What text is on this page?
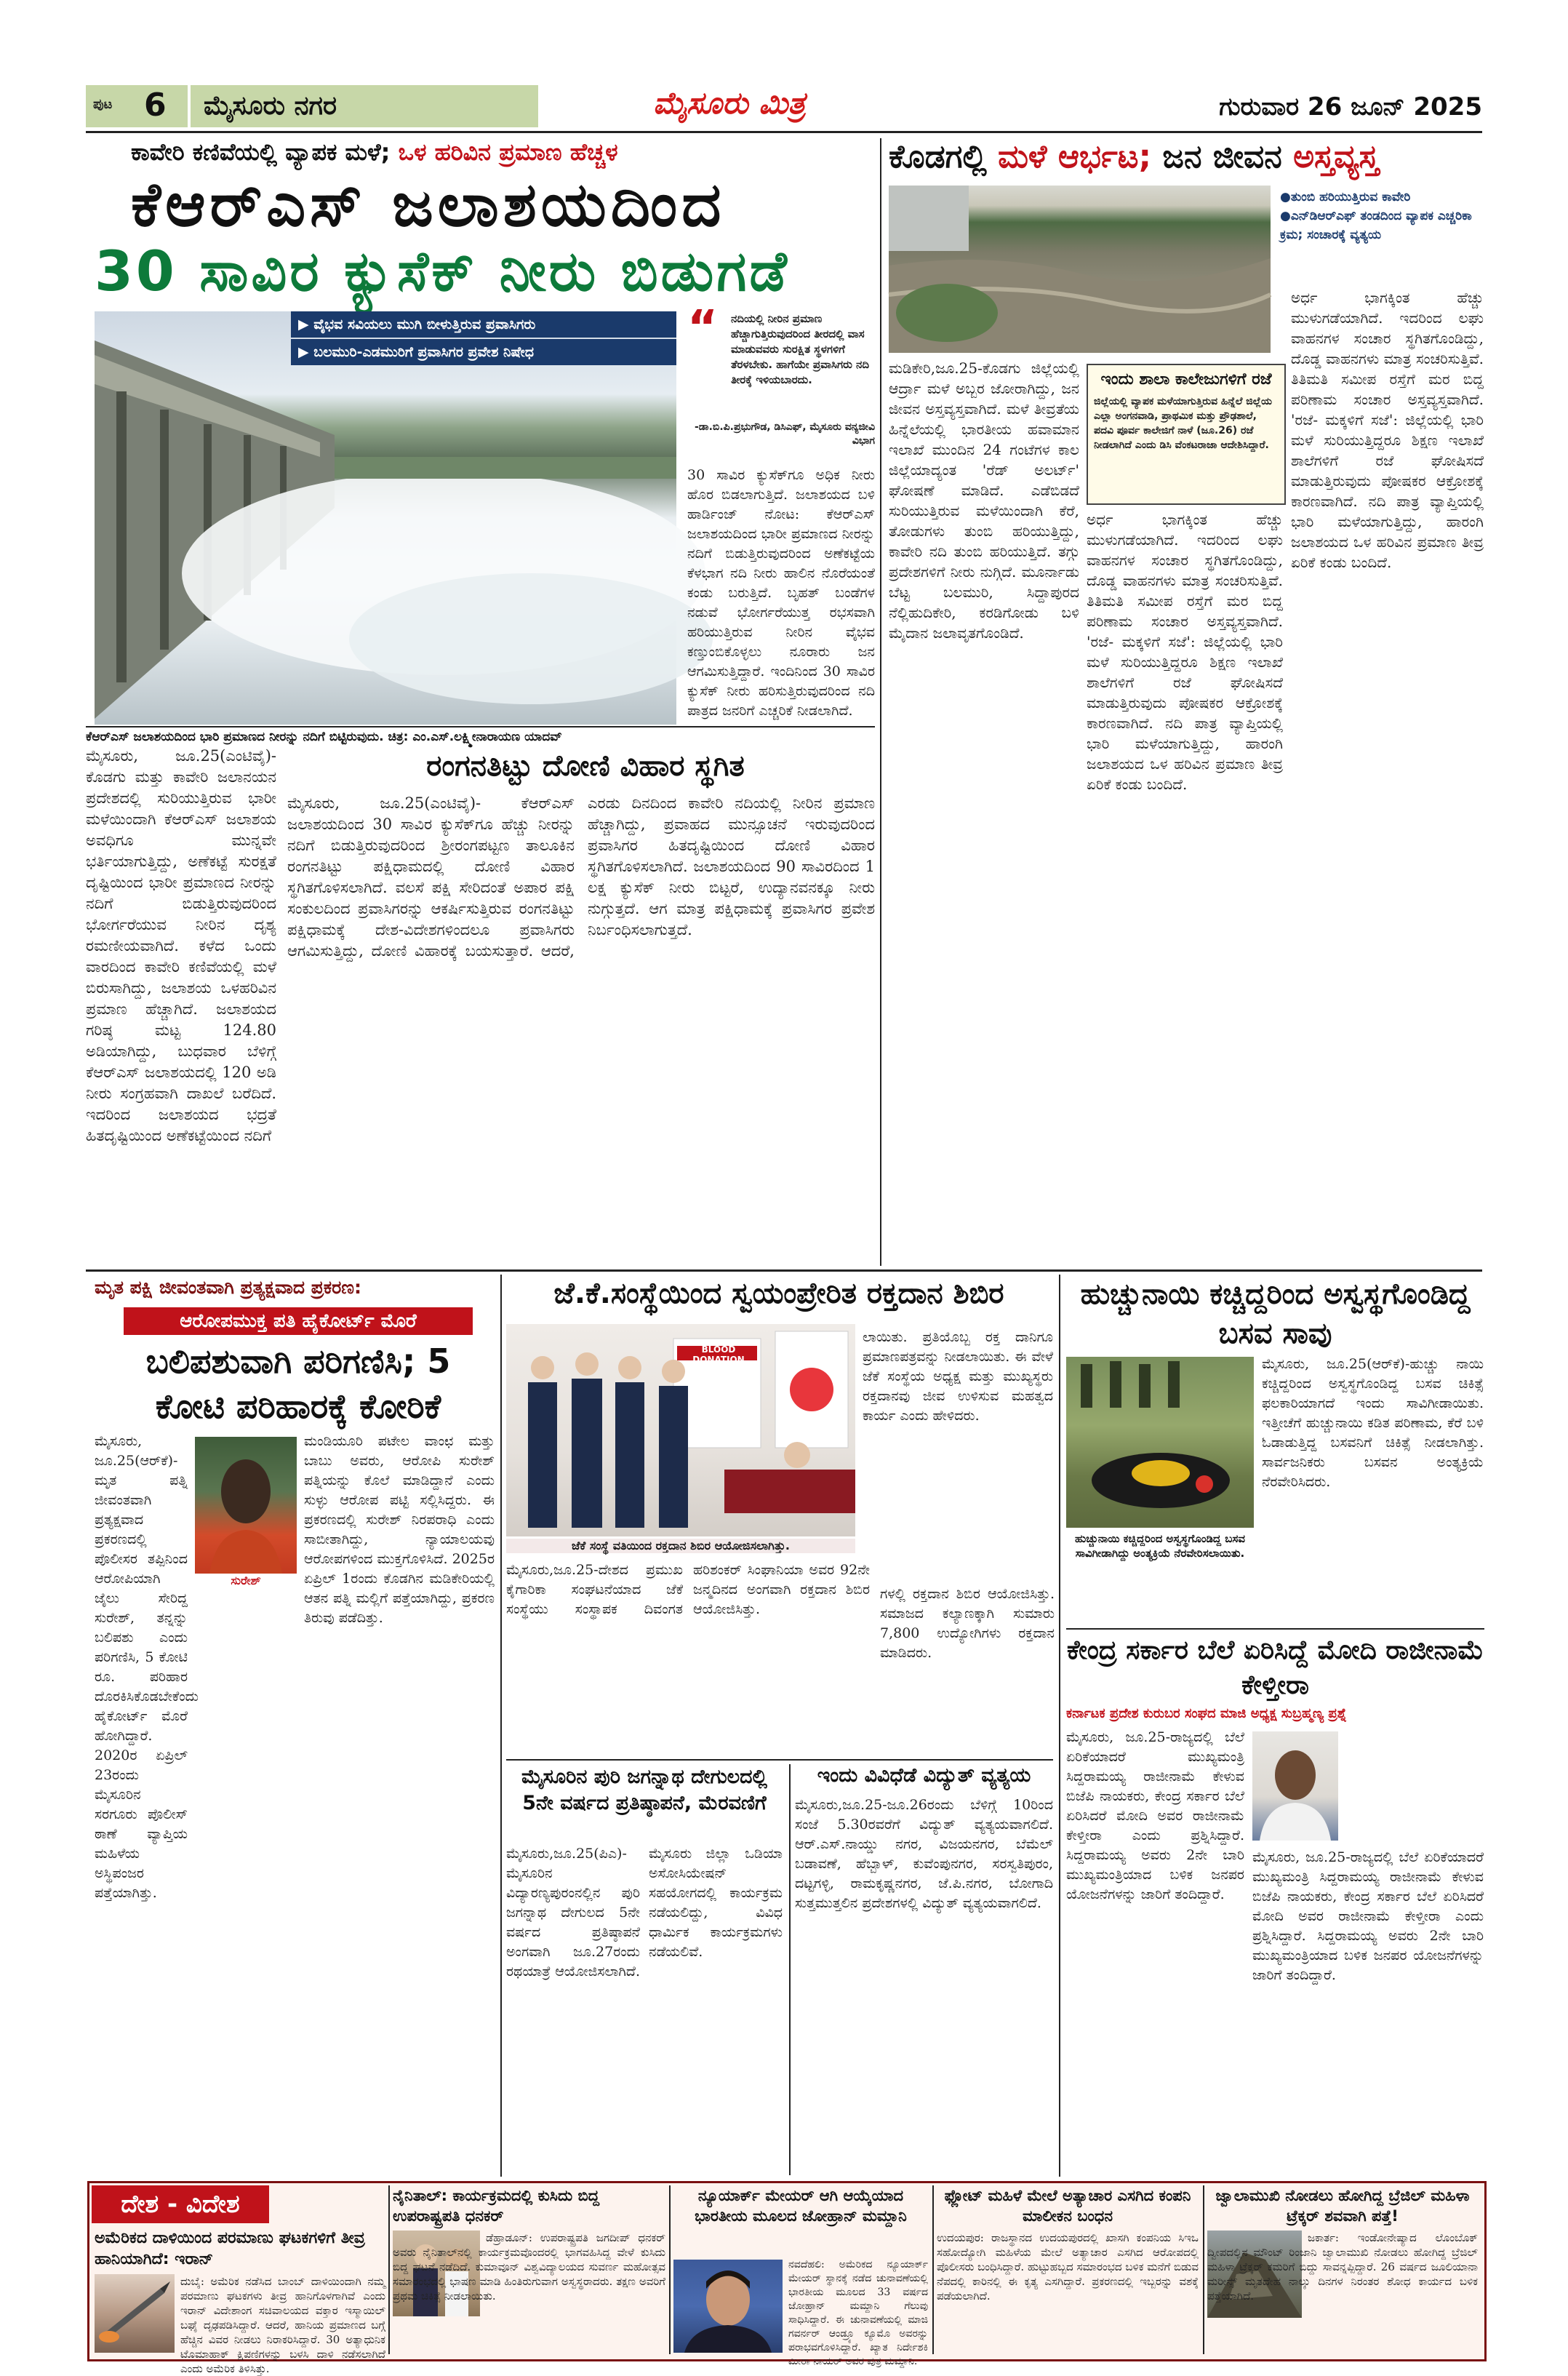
ಪುಟ 6 ಮೈಸೂರು ನಗರ	ಮೈಸೂರು ಮಿತ್ರ	ಗುರುವಾರ 26 ಜೂನ್ 2025
ಕಾವೇರಿ ಕಣಿವೆಯಲ್ಲಿ ವ್ಯಾಪಕ ಮಳೆ; ಒಳ ಹರಿವಿನ ಪ್ರಮಾಣ ಹೆಚ್ಚಳ
ಕೆಆರ್‌ಎಸ್ ಜಲಾಶಯದಿಂದ
30 ಸಾವಿರ ಕ್ಯುಸೆಕ್ ನೀರು ಬಿಡುಗಡೆ
▶ ವೈಭವ ಸವಿಯಲು ಮುಗಿ ಬೀಳುತ್ತಿರುವ ಪ್ರವಾಸಿಗರು
▶ ಬಲಮುರಿ-ಎಡಮುರಿಗೆ ಪ್ರವಾಸಿಗರ ಪ್ರವೇಶ ನಿಷೇಧ
ಕೆಆರ್‌ಎಸ್ ಜಲಾಶಯದಿಂದ ಭಾರಿ ಪ್ರಮಾಣದ ನೀರನ್ನು ನದಿಗೆ ಬಿಟ್ಟಿರುವುದು. ಚಿತ್ರ: ಎಂ.ಎಸ್.ಲಕ್ಷ್ಮೀನಾರಾಯಣ ಯಾದವ್
“ ನದಿಯಲ್ಲಿ ನೀರಿನ ಪ್ರಮಾಣ ಹೆಚ್ಚಾಗುತ್ತಿರುವುದರಿಂದ ತೀರದಲ್ಲಿ ವಾಸ ಮಾಡುವವರು ಸುರಕ್ಷಿತ ಸ್ಥಳಗಳಿಗೆ ತೆರಳಬೇಕು. ಹಾಗೆಯೇ ಪ್ರವಾಸಿಗರು ನದಿ ತೀರಕ್ಕೆ ಇಳಿಯಬಾರದು.
-ಡಾ.ಬಿ.ಪಿ.ಪ್ರಭುಗೌಡ, ಡಿಸಿಎಫ್, ಮೈಸೂರು ವನ್ಯಜೀವಿ ವಿಭಾಗ
30 ಸಾವಿರ ಕ್ಯುಸೆಕ್‌ಗೂ ಅಧಿಕ ನೀರು ಹೊರ ಬಿಡಲಾಗುತ್ತಿದೆ. ಜಲಾಶಯದ ಬಳಿ ಹಾರ್ಡಿಂಜ್ ನೋಟ: ಕೆಆರ್‌ಎಸ್ ಜಲಾಶಯದಿಂದ ಭಾರೀ ಪ್ರಮಾಣದ ನೀರನ್ನು ನದಿಗೆ ಬಿಡುತ್ತಿರುವುದರಿಂದ ಅಣೆಕಟ್ಟೆಯ ಕೆಳಭಾಗ ನದಿ ನೀರು ಹಾಲಿನ ನೊರೆಯಂತೆ ಕಂಡು ಬರುತ್ತಿದೆ. ಬೃಹತ್ ಬಂಡೆಗಳ ನಡುವೆ ಭೋರ್ಗರೆಯುತ್ತ ರಭಸವಾಗಿ ಹರಿಯುತ್ತಿರುವ ನೀರಿನ ವೈಭವ ಕಣ್ತುಂಬಿಕೊಳ್ಳಲು ನೂರಾರು ಜನ ಆಗಮಿಸುತ್ತಿದ್ದಾರೆ. ಇಂದಿನಿಂದ 30 ಸಾವಿರ ಕ್ಯುಸೆಕ್ ನೀರು ಹರಿಸುತ್ತಿರುವುದರಿಂದ ನದಿ ಪಾತ್ರದ ಜನರಿಗೆ ಎಚ್ಚರಿಕೆ ನೀಡಲಾಗಿದೆ.
ಮೈಸೂರು, ಜೂ.25(ಎಂಟಿವೈ)- ಕೊಡಗು ಮತ್ತು ಕಾವೇರಿ ಜಲಾನಯನ ಪ್ರದೇಶದಲ್ಲಿ ಸುರಿಯುತ್ತಿರುವ ಭಾರೀ ಮಳೆಯಿಂದಾಗಿ ಕೆಆರ್‌ಎಸ್ ಜಲಾಶಯ ಅವಧಿಗೂ ಮುನ್ನವೇ ಭರ್ತಿಯಾಗುತ್ತಿದ್ದು, ಅಣೆಕಟ್ಟೆ ಸುರಕ್ಷತೆ ದೃಷ್ಟಿಯಿಂದ ಭಾರೀ ಪ್ರಮಾಣದ ನೀರನ್ನು ನದಿಗೆ ಬಿಡುತ್ತಿರುವುದರಿಂದ ಭೋರ್ಗರೆಯುವ ನೀರಿನ ದೃಶ್ಯ ರಮಣೀಯವಾಗಿದೆ. ಕಳೆದ ಒಂದು ವಾರದಿಂದ ಕಾವೇರಿ ಕಣಿವೆಯಲ್ಲಿ ಮಳೆ ಬಿರುಸಾಗಿದ್ದು, ಜಲಾಶಯ ಒಳಹರಿವಿನ ಪ್ರಮಾಣ ಹೆಚ್ಚಾಗಿದೆ. ಜಲಾಶಯದ ಗರಿಷ್ಠ ಮಟ್ಟ 124.80 ಅಡಿಯಾಗಿದ್ದು, ಬುಧವಾರ ಬೆಳಿಗ್ಗೆ ಕೆಆರ್‌ಎಸ್ ಜಲಾಶಯದಲ್ಲಿ 120 ಅಡಿ ನೀರು ಸಂಗ್ರಹವಾಗಿ ದಾಖಲೆ ಬರೆದಿದೆ. ಇದರಿಂದ ಜಲಾಶಯದ ಭದ್ರತೆ ಹಿತದೃಷ್ಟಿಯಿಂದ ಅಣೆಕಟ್ಟೆಯಿಂದ ನದಿಗೆ
ರಂಗನತಿಟ್ಟು ದೋಣಿ ವಿಹಾರ ಸ್ಥಗಿತ
ಮೈಸೂರು, ಜೂ.25(ಎಂಟಿವೈ)- ಕೆಆರ್‌ಎಸ್ ಜಲಾಶಯದಿಂದ 30 ಸಾವಿರ ಕ್ಯುಸೆಕ್‌ಗೂ ಹೆಚ್ಚು ನೀರನ್ನು ನದಿಗೆ ಬಿಡುತ್ತಿರುವುದರಿಂದ ಶ್ರೀರಂಗಪಟ್ಟಣ ತಾಲೂಕಿನ ರಂಗನತಿಟ್ಟು ಪಕ್ಷಿಧಾಮದಲ್ಲಿ ದೋಣಿ ವಿಹಾರ ಸ್ಥಗಿತಗೊಳಿಸಲಾಗಿದೆ. ವಲಸೆ ಪಕ್ಷಿ ಸೇರಿದಂತೆ ಅಪಾರ ಪಕ್ಷಿ ಸಂಕುಲದಿಂದ ಪ್ರವಾಸಿಗರನ್ನು ಆಕರ್ಷಿಸುತ್ತಿರುವ ರಂಗನತಿಟ್ಟು ಪಕ್ಷಿಧಾಮಕ್ಕೆ ದೇಶ-ವಿದೇಶಗಳಿಂದಲೂ ಪ್ರವಾಸಿಗರು ಆಗಮಿಸುತ್ತಿದ್ದು, ದೋಣಿ ವಿಹಾರಕ್ಕೆ ಬಯಸುತ್ತಾರೆ. ಆದರೆ, ಎರಡು ದಿನದಿಂದ ಕಾವೇರಿ ನದಿಯಲ್ಲಿ ನೀರಿನ ಪ್ರಮಾಣ ಹೆಚ್ಚಾಗಿದ್ದು, ಪ್ರವಾಹದ ಮುನ್ಸೂಚನೆ ಇರುವುದರಿಂದ ಪ್ರವಾಸಿಗರ ಹಿತದೃಷ್ಟಿಯಿಂದ ದೋಣಿ ವಿಹಾರ ಸ್ಥಗಿತಗೊಳಿಸಲಾಗಿದೆ. ಜಲಾಶಯದಿಂದ 90 ಸಾವಿರದಿಂದ 1 ಲಕ್ಷ ಕ್ಯುಸೆಕ್ ನೀರು ಬಿಟ್ಟರೆ, ಉದ್ಯಾನವನಕ್ಕೂ ನೀರು ನುಗ್ಗುತ್ತದೆ. ಆಗ ಮಾತ್ರ ಪಕ್ಷಿಧಾಮಕ್ಕೆ ಪ್ರವಾಸಿಗರ ಪ್ರವೇಶ ನಿರ್ಬಂಧಿಸಲಾಗುತ್ತದೆ.
ಕೊಡಗಲ್ಲಿ ಮಳೆ ಆರ್ಭಟ; ಜನ ಜೀವನ ಅಸ್ತವ್ಯಸ್ತ
●ತುಂಬಿ ಹರಿಯುತ್ತಿರುವ ಕಾವೇರಿ ●ಎನ್‌ಡಿಆರ್‌ಎಫ್ ತಂಡದಿಂದ ವ್ಯಾಪಕ ಎಚ್ಚರಿಕಾ ಕ್ರಮ; ಸಂಚಾರಕ್ಕೆ ವ್ಯತ್ಯಯ
ಮಡಿಕೇರಿ,ಜೂ.25-ಕೊಡಗು ಜಿಲ್ಲೆಯಲ್ಲಿ ಆರ್ದ್ರಾ ಮಳೆ ಅಬ್ಬರ ಜೋರಾಗಿದ್ದು, ಜನ ಜೀವನ ಅಸ್ತವ್ಯಸ್ತವಾಗಿದೆ. ಮಳೆ ತೀವ್ರತೆಯ ಹಿನ್ನೆಲೆಯಲ್ಲಿ ಭಾರತೀಯ ಹವಾಮಾನ ಇಲಾಖೆ ಮುಂದಿನ 24 ಗಂಟೆಗಳ ಕಾಲ ಜಿಲ್ಲೆಯಾದ್ಯಂತ 'ರೆಡ್ ಅಲರ್ಟ್' ಘೋಷಣೆ ಮಾಡಿದೆ. ಎಡೆಬಿಡದೆ ಸುರಿಯುತ್ತಿರುವ ಮಳೆಯಿಂದಾಗಿ ಕೆರೆ, ತೋಡುಗಳು ತುಂಬಿ ಹರಿಯುತ್ತಿದ್ದು, ಕಾವೇರಿ ನದಿ ತುಂಬಿ ಹರಿಯುತ್ತಿದೆ. ತಗ್ಗು ಪ್ರದೇಶಗಳಿಗೆ ನೀರು ನುಗ್ಗಿದೆ. ಮೂರ್ನಾಡು ಬೆಟ್ಟ ಬಲಮುರಿ, ಸಿದ್ದಾಪುರದ ನೆಲ್ಲಿಹುದಿಕೇರಿ, ಕರಡಿಗೋಡು ಬಳಿ ಮೈದಾನ ಜಲಾವೃತಗೊಂಡಿದೆ.
ಇಂದು ಶಾಲಾ ಕಾಲೇಜುಗಳಿಗೆ ರಜೆ
ಜಿಲ್ಲೆಯಲ್ಲಿ ವ್ಯಾಪಕ ಮಳೆಯಾಗುತ್ತಿರುವ ಹಿನ್ನೆಲೆ ಜಿಲ್ಲೆಯ ಎಲ್ಲಾ ಅಂಗನವಾಡಿ, ಪ್ರಾಥಮಿಕ ಮತ್ತು ಪ್ರೌಢಶಾಲೆ, ಪದವಿ ಪೂರ್ವ ಕಾಲೇಜಿಗೆ ನಾಳೆ (ಜೂ.26) ರಜೆ ನೀಡಲಾಗಿದೆ ಎಂದು ಡಿಸಿ ವೆಂಕಟರಾಜಾ ಆದೇಶಿಸಿದ್ದಾರೆ.
ಅರ್ಧ ಭಾಗಕ್ಕಿಂತ ಹೆಚ್ಚು ಮುಳುಗಡೆಯಾಗಿದೆ. ಇದರಿಂದ ಲಘು ವಾಹನಗಳ ಸಂಚಾರ ಸ್ಥಗಿತಗೊಂಡಿದ್ದು, ದೊಡ್ಡ ವಾಹನಗಳು ಮಾತ್ರ ಸಂಚರಿಸುತ್ತಿವೆ. ತಿತಿಮತಿ ಸಮೀಪ ರಸ್ತೆಗೆ ಮರ ಬಿದ್ದ ಪರಿಣಾಮ ಸಂಚಾರ ಅಸ್ತವ್ಯಸ್ತವಾಗಿದೆ. 'ರಜೆ- ಮಕ್ಕಳಿಗೆ ಸಜೆ': ಜಿಲ್ಲೆಯಲ್ಲಿ ಭಾರಿ ಮಳೆ ಸುರಿಯುತ್ತಿದ್ದರೂ ಶಿಕ್ಷಣ ಇಲಾಖೆ ಶಾಲೆಗಳಿಗೆ ರಜೆ ಘೋಷಿಸದೆ ಮಾಡುತ್ತಿರುವುದು ಪೋಷಕರ ಆಕ್ರೋಶಕ್ಕೆ ಕಾರಣವಾಗಿದೆ. ನದಿ ಪಾತ್ರ ವ್ಯಾಪ್ತಿಯಲ್ಲಿ ಭಾರಿ ಮಳೆಯಾಗುತ್ತಿದ್ದು, ಹಾರಂಗಿ ಜಲಾಶಯದ ಒಳ ಹರಿವಿನ ಪ್ರಮಾಣ ತೀವ್ರ ಏರಿಕೆ ಕಂಡು ಬಂದಿದೆ.
ಅರ್ಧ ಭಾಗಕ್ಕಿಂತ ಹೆಚ್ಚು ಮುಳುಗಡೆಯಾಗಿದೆ. ಇದರಿಂದ ಲಘು ವಾಹನಗಳ ಸಂಚಾರ ಸ್ಥಗಿತಗೊಂಡಿದ್ದು, ದೊಡ್ಡ ವಾಹನಗಳು ಮಾತ್ರ ಸಂಚರಿಸುತ್ತಿವೆ. ತಿತಿಮತಿ ಸಮೀಪ ರಸ್ತೆಗೆ ಮರ ಬಿದ್ದ ಪರಿಣಾಮ ಸಂಚಾರ ಅಸ್ತವ್ಯಸ್ತವಾಗಿದೆ. 'ರಜೆ- ಮಕ್ಕಳಿಗೆ ಸಜೆ': ಜಿಲ್ಲೆಯಲ್ಲಿ ಭಾರಿ ಮಳೆ ಸುರಿಯುತ್ತಿದ್ದರೂ ಶಿಕ್ಷಣ ಇಲಾಖೆ ಶಾಲೆಗಳಿಗೆ ರಜೆ ಘೋಷಿಸದೆ ಮಾಡುತ್ತಿರುವುದು ಪೋಷಕರ ಆಕ್ರೋಶಕ್ಕೆ ಕಾರಣವಾಗಿದೆ. ನದಿ ಪಾತ್ರ ವ್ಯಾಪ್ತಿಯಲ್ಲಿ ಭಾರಿ ಮಳೆಯಾಗುತ್ತಿದ್ದು, ಹಾರಂಗಿ ಜಲಾಶಯದ ಒಳ ಹರಿವಿನ ಪ್ರಮಾಣ ತೀವ್ರ ಏರಿಕೆ ಕಂಡು ಬಂದಿದೆ.
ಮೃತ ಪಕ್ಷಿ ಜೀವಂತವಾಗಿ ಪ್ರತ್ಯಕ್ಷವಾದ ಪ್ರಕರಣ:
ಆರೋಪಮುಕ್ತ ಪತಿ ಹೈಕೋರ್ಟ್ ಮೊರೆ
ಬಲಿಪಶುವಾಗಿ ಪರಿಗಣಿಸಿ; 5 ಕೋಟಿ ಪರಿಹಾರಕ್ಕೆ ಕೋರಿಕೆ
ಸುರೇಶ್
ಮೈಸೂರು, ಜೂ.25(ಆರ್‌ಕೆ)-ಮೃತ ಪತ್ನಿ ಜೀವಂತವಾಗಿ ಪ್ರತ್ಯಕ್ಷವಾದ ಪ್ರಕರಣದಲ್ಲಿ ಪೊಲೀಸರ ತಪ್ಪಿನಿಂದ ಆರೋಪಿಯಾಗಿ ಜೈಲು ಸೇರಿದ್ದ ಸುರೇಶ್, ತನ್ನನ್ನು ಬಲಿಪಶು ಎಂದು ಪರಿಗಣಿಸಿ, 5 ಕೋಟಿ ರೂ. ಪರಿಹಾರ ದೊರಕಿಸಿಕೊಡಬೇಕೆಂದು ಹೈಕೋರ್ಟ್ ಮೊರೆ ಹೋಗಿದ್ದಾರೆ. 2020ರ ಏಪ್ರಿಲ್ 23ರಂದು ಮೈಸೂರಿನ ಸರಗೂರು ಪೊಲೀಸ್ ಠಾಣೆ ವ್ಯಾಪ್ತಿಯ ಮಹಿಳೆಯ ಅಸ್ಥಿಪಂಜರ ಪತ್ತೆಯಾಗಿತ್ತು.
ಮಂಡಿಯೂರಿ ಪಟೇಲ ವಾಂಛ ಮತ್ತು ಬಾಬು ಅವರು, ಆರೋಪಿ ಸುರೇಶ್ ಪತ್ನಿಯನ್ನು ಕೊಲೆ ಮಾಡಿದ್ದಾನೆ ಎಂದು ಸುಳ್ಳು ಆರೋಪ ಪಟ್ಟಿ ಸಲ್ಲಿಸಿದ್ದರು. ಈ ಪ್ರಕರಣದಲ್ಲಿ ಸುರೇಶ್ ನಿರಪರಾಧಿ ಎಂದು ಸಾಬೀತಾಗಿದ್ದು, ನ್ಯಾಯಾಲಯವು ಆರೋಪಗಳಿಂದ ಮುಕ್ತಗೊಳಿಸಿದೆ. 2025ರ ಏಪ್ರಿಲ್ 1ರಂದು ಕೊಡಗಿನ ಮಡಿಕೇರಿಯಲ್ಲಿ ಆತನ ಪತ್ನಿ ಮಲ್ಲಿಗೆ ಪತ್ತೆಯಾಗಿದ್ದು, ಪ್ರಕರಣ ತಿರುವು ಪಡೆದಿತ್ತು.
ಜೆ.ಕೆ.ಸಂಸ್ಥೆಯಿಂದ ಸ್ವಯಂಪ್ರೇರಿತ ರಕ್ತದಾನ ಶಿಬಿರ
BLOOD DONATION
ಜೆಕೆ ಸಂಸ್ಥೆ ವತಿಯಿಂದ ರಕ್ತದಾನ ಶಿಬಿರ ಆಯೋಜಿಸಲಾಗಿತ್ತು.
ಲಾಯಿತು. ಪ್ರತಿಯೊಬ್ಬ ರಕ್ತ ದಾನಿಗೂ ಪ್ರಮಾಣಪತ್ರವನ್ನು ನೀಡಲಾಯಿತು. ಈ ವೇಳೆ ಜೆಕೆ ಸಂಸ್ಥೆಯ ಅಧ್ಯಕ್ಷ ಮತ್ತು ಮುಖ್ಯಸ್ಥರು ರಕ್ತದಾನವು ಜೀವ ಉಳಿಸುವ ಮಹತ್ವದ ಕಾರ್ಯ ಎಂದು ಹೇಳಿದರು.
ಮೈಸೂರು,ಜೂ.25-ದೇಶದ ಪ್ರಮುಖ ಕೈಗಾರಿಕಾ ಸಂಘಟನೆಯಾದ ಜೆಕೆ ಸಂಸ್ಥೆಯು ಸಂಸ್ಥಾಪಕ ದಿವಂಗತ ಹರಿಶಂಕರ್ ಸಿಂಘಾನಿಯಾ ಅವರ 92ನೇ ಜನ್ಮದಿನದ ಅಂಗವಾಗಿ ರಕ್ತದಾನ ಶಿಬಿರ ಆಯೋಜಿಸಿತ್ತು.
ಗಳಲ್ಲಿ ರಕ್ತದಾನ ಶಿಬಿರ ಆಯೋಜಿಸಿತ್ತು. ಸಮಾಜದ ಕಲ್ಯಾಣಕ್ಕಾಗಿ ಸುಮಾರು 7,800 ಉದ್ಯೋಗಿಗಳು ರಕ್ತದಾನ ಮಾಡಿದರು.
ಮೈಸೂರಿನ ಪುರಿ ಜಗನ್ನಾಥ ದೇಗುಲದಲ್ಲಿ 5ನೇ ವರ್ಷದ ಪ್ರತಿಷ್ಠಾಪನೆ, ಮೆರವಣಿಗೆ
ಮೈಸೂರು,ಜೂ.25(ಪಿಎ)-ಮೈಸೂರಿನ ವಿದ್ಯಾರಣ್ಯಪುರಂನಲ್ಲಿನ ಪುರಿ ಜಗನ್ನಾಥ ದೇಗುಲದ 5ನೇ ವರ್ಷದ ಪ್ರತಿಷ್ಠಾಪನೆ ಅಂಗವಾಗಿ ಜೂ.27ರಂದು ರಥಯಾತ್ರೆ ಆಯೋಜಿಸಲಾಗಿದೆ. ಮೈಸೂರು ಜಿಲ್ಲಾ ಒಡಿಯಾ ಅಸೋಸಿಯೇಷನ್ ಸಹಯೋಗದಲ್ಲಿ ಕಾರ್ಯಕ್ರಮ ನಡೆಯಲಿದ್ದು, ವಿವಿಧ ಧಾರ್ಮಿಕ ಕಾರ್ಯಕ್ರಮಗಳು ನಡೆಯಲಿವೆ.
ಇಂದು ವಿವಿಧೆಡೆ ವಿದ್ಯುತ್ ವ್ಯತ್ಯಯ
ಮೈಸೂರು,ಜೂ.25-ಜೂ.26ರಂದು ಬೆಳಿಗ್ಗೆ 10ರಿಂದ ಸಂಜೆ 5.30ರವರೆಗೆ ವಿದ್ಯುತ್ ವ್ಯತ್ಯಯವಾಗಲಿದೆ. ಆರ್.ಎಸ್.ನಾಯ್ಡು ನಗರ, ವಿಜಯನಗರ, ಬೆಮೆಲ್ ಬಡಾವಣೆ, ಹೆಬ್ಬಾಳ್, ಕುವೆಂಪುನಗರ, ಸರಸ್ವತಿಪುರಂ, ದಟ್ಟಗಳ್ಳಿ, ರಾಮಕೃಷ್ಣನಗರ, ಜೆ.ಪಿ.ನಗರ, ಬೋಗಾದಿ ಸುತ್ತಮುತ್ತಲಿನ ಪ್ರದೇಶಗಳಲ್ಲಿ ವಿದ್ಯುತ್ ವ್ಯತ್ಯಯವಾಗಲಿದೆ.
ಹುಚ್ಚುನಾಯಿ ಕಚ್ಚಿದ್ದರಿಂದ ಅಸ್ವಸ್ಥಗೊಂಡಿದ್ದ ಬಸವ ಸಾವು
ಹುಚ್ಚುನಾಯಿ ಕಚ್ಚಿದ್ದರಿಂದ ಅಸ್ವಸ್ಥಗೊಂಡಿದ್ದ ಬಸವ ಸಾವಿಗೀಡಾಗಿದ್ದು ಅಂತ್ಯಕ್ರಿಯೆ ನೆರವೇರಿಸಲಾಯಿತು.
ಮೈಸೂರು, ಜೂ.25(ಆರ್‌ಕೆ)-ಹುಚ್ಚು ನಾಯಿ ಕಚ್ಚಿದ್ದರಿಂದ ಅಸ್ವಸ್ಥಗೊಂಡಿದ್ದ ಬಸವ ಚಿಕಿತ್ಸೆ ಫಲಕಾರಿಯಾಗದೆ ಇಂದು ಸಾವಿಗೀಡಾಯಿತು. ಇತ್ತೀಚೆಗೆ ಹುಚ್ಚುನಾಯಿ ಕಡಿತ ಪರಿಣಾಮ, ಕೆರೆ ಬಳಿ ಓಡಾಡುತ್ತಿದ್ದ ಬಸವನಿಗೆ ಚಿಕಿತ್ಸೆ ನೀಡಲಾಗಿತ್ತು. ಸಾರ್ವಜನಿಕರು ಬಸವನ ಅಂತ್ಯಕ್ರಿಯೆ ನೆರವೇರಿಸಿದರು.
ಕೇಂದ್ರ ಸರ್ಕಾರ ಬೆಲೆ ಏರಿಸಿದ್ದೆ ಮೋದಿ ರಾಜೀನಾಮೆ ಕೇಳ್ತೀರಾ
ಕರ್ನಾಟಕ ಪ್ರದೇಶ ಕುರುಬರ ಸಂಘದ ಮಾಜಿ ಅಧ್ಯಕ್ಷ ಸುಬ್ರಹ್ಮಣ್ಯ ಪ್ರಶ್ನೆ
ಮೈಸೂರು, ಜೂ.25-ರಾಜ್ಯದಲ್ಲಿ ಬೆಲೆ ಏರಿಕೆಯಾದರೆ ಮುಖ್ಯಮಂತ್ರಿ ಸಿದ್ದರಾಮಯ್ಯ ರಾಜೀನಾಮೆ ಕೇಳುವ ಬಿಜೆಪಿ ನಾಯಕರು, ಕೇಂದ್ರ ಸರ್ಕಾರ ಬೆಲೆ ಏರಿಸಿದರೆ ಮೋದಿ ಅವರ ರಾಜೀನಾಮೆ ಕೇಳ್ತೀರಾ ಎಂದು ಪ್ರಶ್ನಿಸಿದ್ದಾರೆ. ಸಿದ್ದರಾಮಯ್ಯ ಅವರು 2ನೇ ಬಾರಿ ಮುಖ್ಯಮಂತ್ರಿಯಾದ ಬಳಿಕ ಜನಪರ ಯೋಜನೆಗಳನ್ನು ಜಾರಿಗೆ ತಂದಿದ್ದಾರೆ.
ಮೈಸೂರು, ಜೂ.25-ರಾಜ್ಯದಲ್ಲಿ ಬೆಲೆ ಏರಿಕೆಯಾದರೆ ಮುಖ್ಯಮಂತ್ರಿ ಸಿದ್ದರಾಮಯ್ಯ ರಾಜೀನಾಮೆ ಕೇಳುವ ಬಿಜೆಪಿ ನಾಯಕರು, ಕೇಂದ್ರ ಸರ್ಕಾರ ಬೆಲೆ ಏರಿಸಿದರೆ ಮೋದಿ ಅವರ ರಾಜೀನಾಮೆ ಕೇಳ್ತೀರಾ ಎಂದು ಪ್ರಶ್ನಿಸಿದ್ದಾರೆ. ಸಿದ್ದರಾಮಯ್ಯ ಅವರು 2ನೇ ಬಾರಿ ಮುಖ್ಯಮಂತ್ರಿಯಾದ ಬಳಿಕ ಜನಪರ ಯೋಜನೆಗಳನ್ನು ಜಾರಿಗೆ ತಂದಿದ್ದಾರೆ.
ದೇಶ - ವಿದೇಶ
ಅಮೆರಿಕದ ದಾಳಿಯಿಂದ ಪರಮಾಣು ಘಟಕಗಳಿಗೆ ತೀವ್ರ ಹಾನಿಯಾಗಿದೆ: ಇರಾನ್
ದುಬೈ: ಅಮೆರಿಕ ನಡೆಸಿದ ಬಾಂಬ್ ದಾಳಿಯಿಂದಾಗಿ ನಮ್ಮ ಪರಮಾಣು ಘಟಕಗಳು ತೀವ್ರ ಹಾನಿಗೊಳಗಾಗಿವೆ ಎಂದು ಇರಾನ್ ವಿದೇಶಾಂಗ ಸಚಿವಾಲಯದ ವಕ್ತಾರ ಇಸ್ಮಾಯಿಲ್ ಬಘೈ ದೃಢಪಡಿಸಿದ್ದಾರೆ. ಆದರೆ, ಹಾನಿಯ ಪ್ರಮಾಣದ ಬಗ್ಗೆ ಹೆಚ್ಚಿನ ವಿವರ ನೀಡಲು ನಿರಾಕರಿಸಿದ್ದಾರೆ. 30 ಅತ್ಯಾಧುನಿಕ ಟೊಮಾಹಾಕ್ ಕ್ಷಿಪಣಿಗಳನ್ನು ಬಳಸಿ ದಾಳಿ ನಡೆಸಲಾಗಿದೆ ಎಂದು ಅಮೆರಿಕ ತಿಳಿಸಿತ್ತು.
ನೈನಿತಾಲ್: ಕಾರ್ಯಕ್ರಮದಲ್ಲಿ ಕುಸಿದು ಬಿದ್ದ ಉಪರಾಷ್ಟ್ರಪತಿ ಧನಕರ್
ಡೆಹ್ರಾಡೂನ್: ಉಪರಾಷ್ಟ್ರಪತಿ ಜಗದೀಪ್ ಧನಕರ್ ಅವರು ನೈನಿತಾಲ್‌ನಲ್ಲಿ ಕಾರ್ಯಕ್ರಮವೊಂದರಲ್ಲಿ ಭಾಗವಹಿಸಿದ್ದ ವೇಳೆ ಕುಸಿದು ಬಿದ್ದ ಘಟನೆ ನಡೆದಿದೆ. ಕುಮಾವೂನ್ ವಿಶ್ವವಿದ್ಯಾಲಯದ ಸುವರ್ಣ ಮಹೋತ್ಸವ ಸಮಾರಂಭದಲ್ಲಿ ಭಾಷಣ ಮಾಡಿ ಹಿಂತಿರುಗುವಾಗ ಅಸ್ವಸ್ಥರಾದರು. ತಕ್ಷಣ ಅವರಿಗೆ ಪ್ರಥಮ ಚಿಕಿತ್ಸೆ ನೀಡಲಾಯಿತು.
ನ್ಯೂಯಾರ್ಕ್ ಮೇಯರ್ ಆಗಿ ಆಯ್ಕೆಯಾದ ಭಾರತೀಯ ಮೂಲದ ಜೋಹ್ರಾನ್ ಮಮ್ದಾನಿ
ನವದೆಹಲಿ: ಅಮೆರಿಕದ ನ್ಯೂಯಾರ್ಕ್ ಮೇಯರ್ ಸ್ಥಾನಕ್ಕೆ ನಡೆದ ಚುನಾವಣೆಯಲ್ಲಿ ಭಾರತೀಯ ಮೂಲದ 33 ವರ್ಷದ ಜೋಹ್ರಾನ್ ಮಮ್ದಾನಿ ಗೆಲುವು ಸಾಧಿಸಿದ್ದಾರೆ. ಈ ಚುನಾವಣೆಯಲ್ಲಿ ಮಾಜಿ ಗವರ್ನರ್ ಆಂಡ್ರ್ಯೂ ಕ್ಯೂಮೊ ಅವರನ್ನು ಪರಾಭವಗೊಳಿಸಿದ್ದಾರೆ. ಖ್ಯಾತ ನಿರ್ದೇಶಕಿ ಮೀರಾ ನಾಯರ್ ಅವರ ಪುತ್ರ ಮಮ್ದಾನಿ.
ಫ್ಲೋಟ್ ಮಹಿಳೆ ಮೇಲೆ ಅತ್ಯಾಚಾರ ಎಸಗಿದ ಕಂಪನಿ ಮಾಲೀಕನ ಬಂಧನ
ಉದಯಪುರ: ರಾಜಸ್ಥಾನದ ಉದಯಪುರದಲ್ಲಿ ಖಾಸಗಿ ಕಂಪನಿಯ ಸಿಇಒ ಸಹೋದ್ಯೋಗಿ ಮಹಿಳೆಯ ಮೇಲೆ ಅತ್ಯಾಚಾರ ಎಸಗಿದ ಆರೋಪದಲ್ಲಿ ಪೊಲೀಸರು ಬಂಧಿಸಿದ್ದಾರೆ. ಹುಟ್ಟುಹಬ್ಬದ ಸಮಾರಂಭದ ಬಳಿಕ ಮನೆಗೆ ಬಿಡುವ ನೆಪದಲ್ಲಿ ಕಾರಿನಲ್ಲಿ ಈ ಕೃತ್ಯ ಎಸಗಿದ್ದಾರೆ. ಪ್ರಕರಣದಲ್ಲಿ ಇಬ್ಬರನ್ನು ವಶಕ್ಕೆ ಪಡೆಯಲಾಗಿದೆ.
ಜ್ವಾಲಾಮುಖಿ ನೋಡಲು ಹೋಗಿದ್ದ ಬ್ರೆಜಿಲ್ ಮಹಿಳಾ ಟ್ರೆಕ್ಕರ್ ಶವವಾಗಿ ಪತ್ತೆ!
ಜಕಾರ್ತ: ಇಂಡೋನೇಷ್ಯಾದ ಲೊಂಬೊಕ್ ದ್ವೀಪದಲ್ಲಿನ ಮೌಂಟ್ ರಿಂಜಾನಿ ಜ್ವಾಲಾಮುಖಿ ನೋಡಲು ಹೋಗಿದ್ದ ಬ್ರೆಜಿಲ್ ಮಹಿಳಾ ಟ್ರೆಕ್ಕರ್ ಕಮರಿಗೆ ಬಿದ್ದು ಸಾವನ್ನಪ್ಪಿದ್ದಾರೆ. 26 ವರ್ಷದ ಜೂಲಿಯಾನಾ ಮರೀನ್ಸ್ ಮೃತದೇಹ ನಾಲ್ಕು ದಿನಗಳ ನಿರಂತರ ಶೋಧ ಕಾರ್ಯದ ಬಳಿಕ ಪತ್ತೆಯಾಗಿದೆ.
